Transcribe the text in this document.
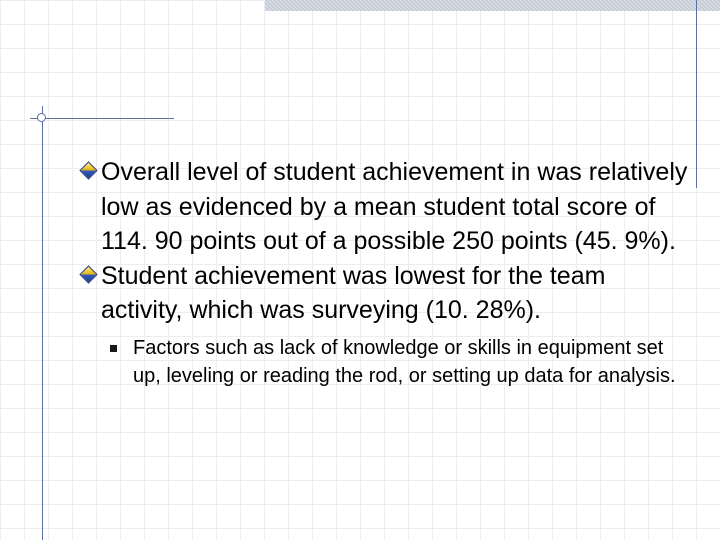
Overall level of student achievement in was relatively low as evidenced by a mean student total score of 114. 90 points out of a possible 250 points (45. 9%).
Student achievement was lowest for the team activity, which was surveying (10. 28%).
Factors such as lack of knowledge or skills in equipment set up, leveling or reading the rod, or setting up data for analysis.
